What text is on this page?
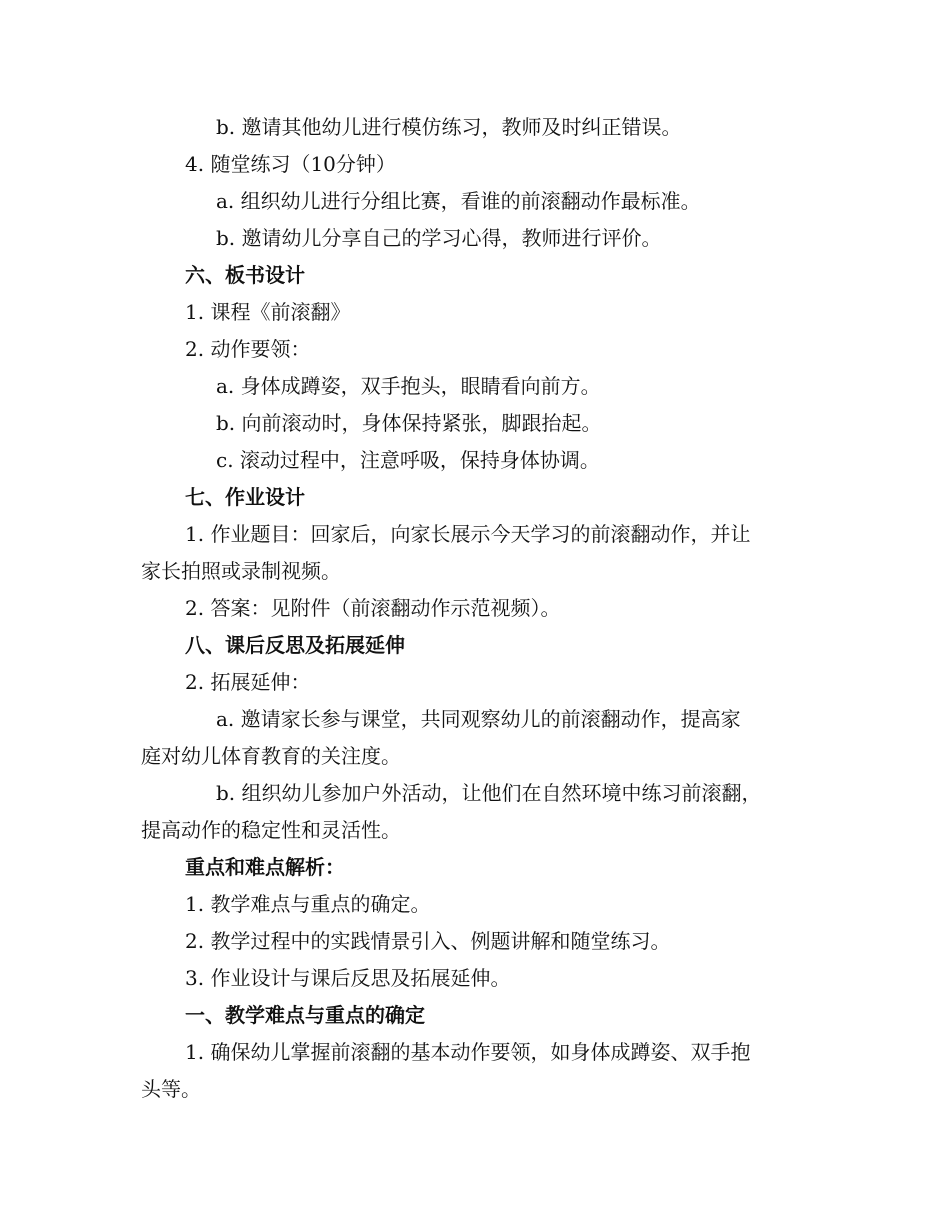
b. 邀请其他幼儿进行模仿练习，教师及时纠正错误。
4. 随堂练习（10分钟）
a. 组织幼儿进行分组比赛，看谁的前滚翻动作最标准。
b. 邀请幼儿分享自己的学习心得，教师进行评价。
六、板书设计
1. 课程《前滚翻》
2. 动作要领：
a. 身体成蹲姿，双手抱头，眼睛看向前方。
b. 向前滚动时，身体保持紧张，脚跟抬起。
c. 滚动过程中，注意呼吸，保持身体协调。
七、作业设计
1. 作业题目：回家后，向家长展示今天学习的前滚翻动作，并让
家长拍照或录制视频。
2. 答案：见附件（前滚翻动作示范视频）。
八、课后反思及拓展延伸
2. 拓展延伸：
a. 邀请家长参与课堂，共同观察幼儿的前滚翻动作，提高家
庭对幼儿体育教育的关注度。
b. 组织幼儿参加户外活动，让他们在自然环境中练习前滚翻，
提高动作的稳定性和灵活性。
重点和难点解析：
1. 教学难点与重点的确定。
2. 教学过程中的实践情景引入、例题讲解和随堂练习。
3. 作业设计与课后反思及拓展延伸。
一、教学难点与重点的确定
1. 确保幼儿掌握前滚翻的基本动作要领，如身体成蹲姿、双手抱
头等。
